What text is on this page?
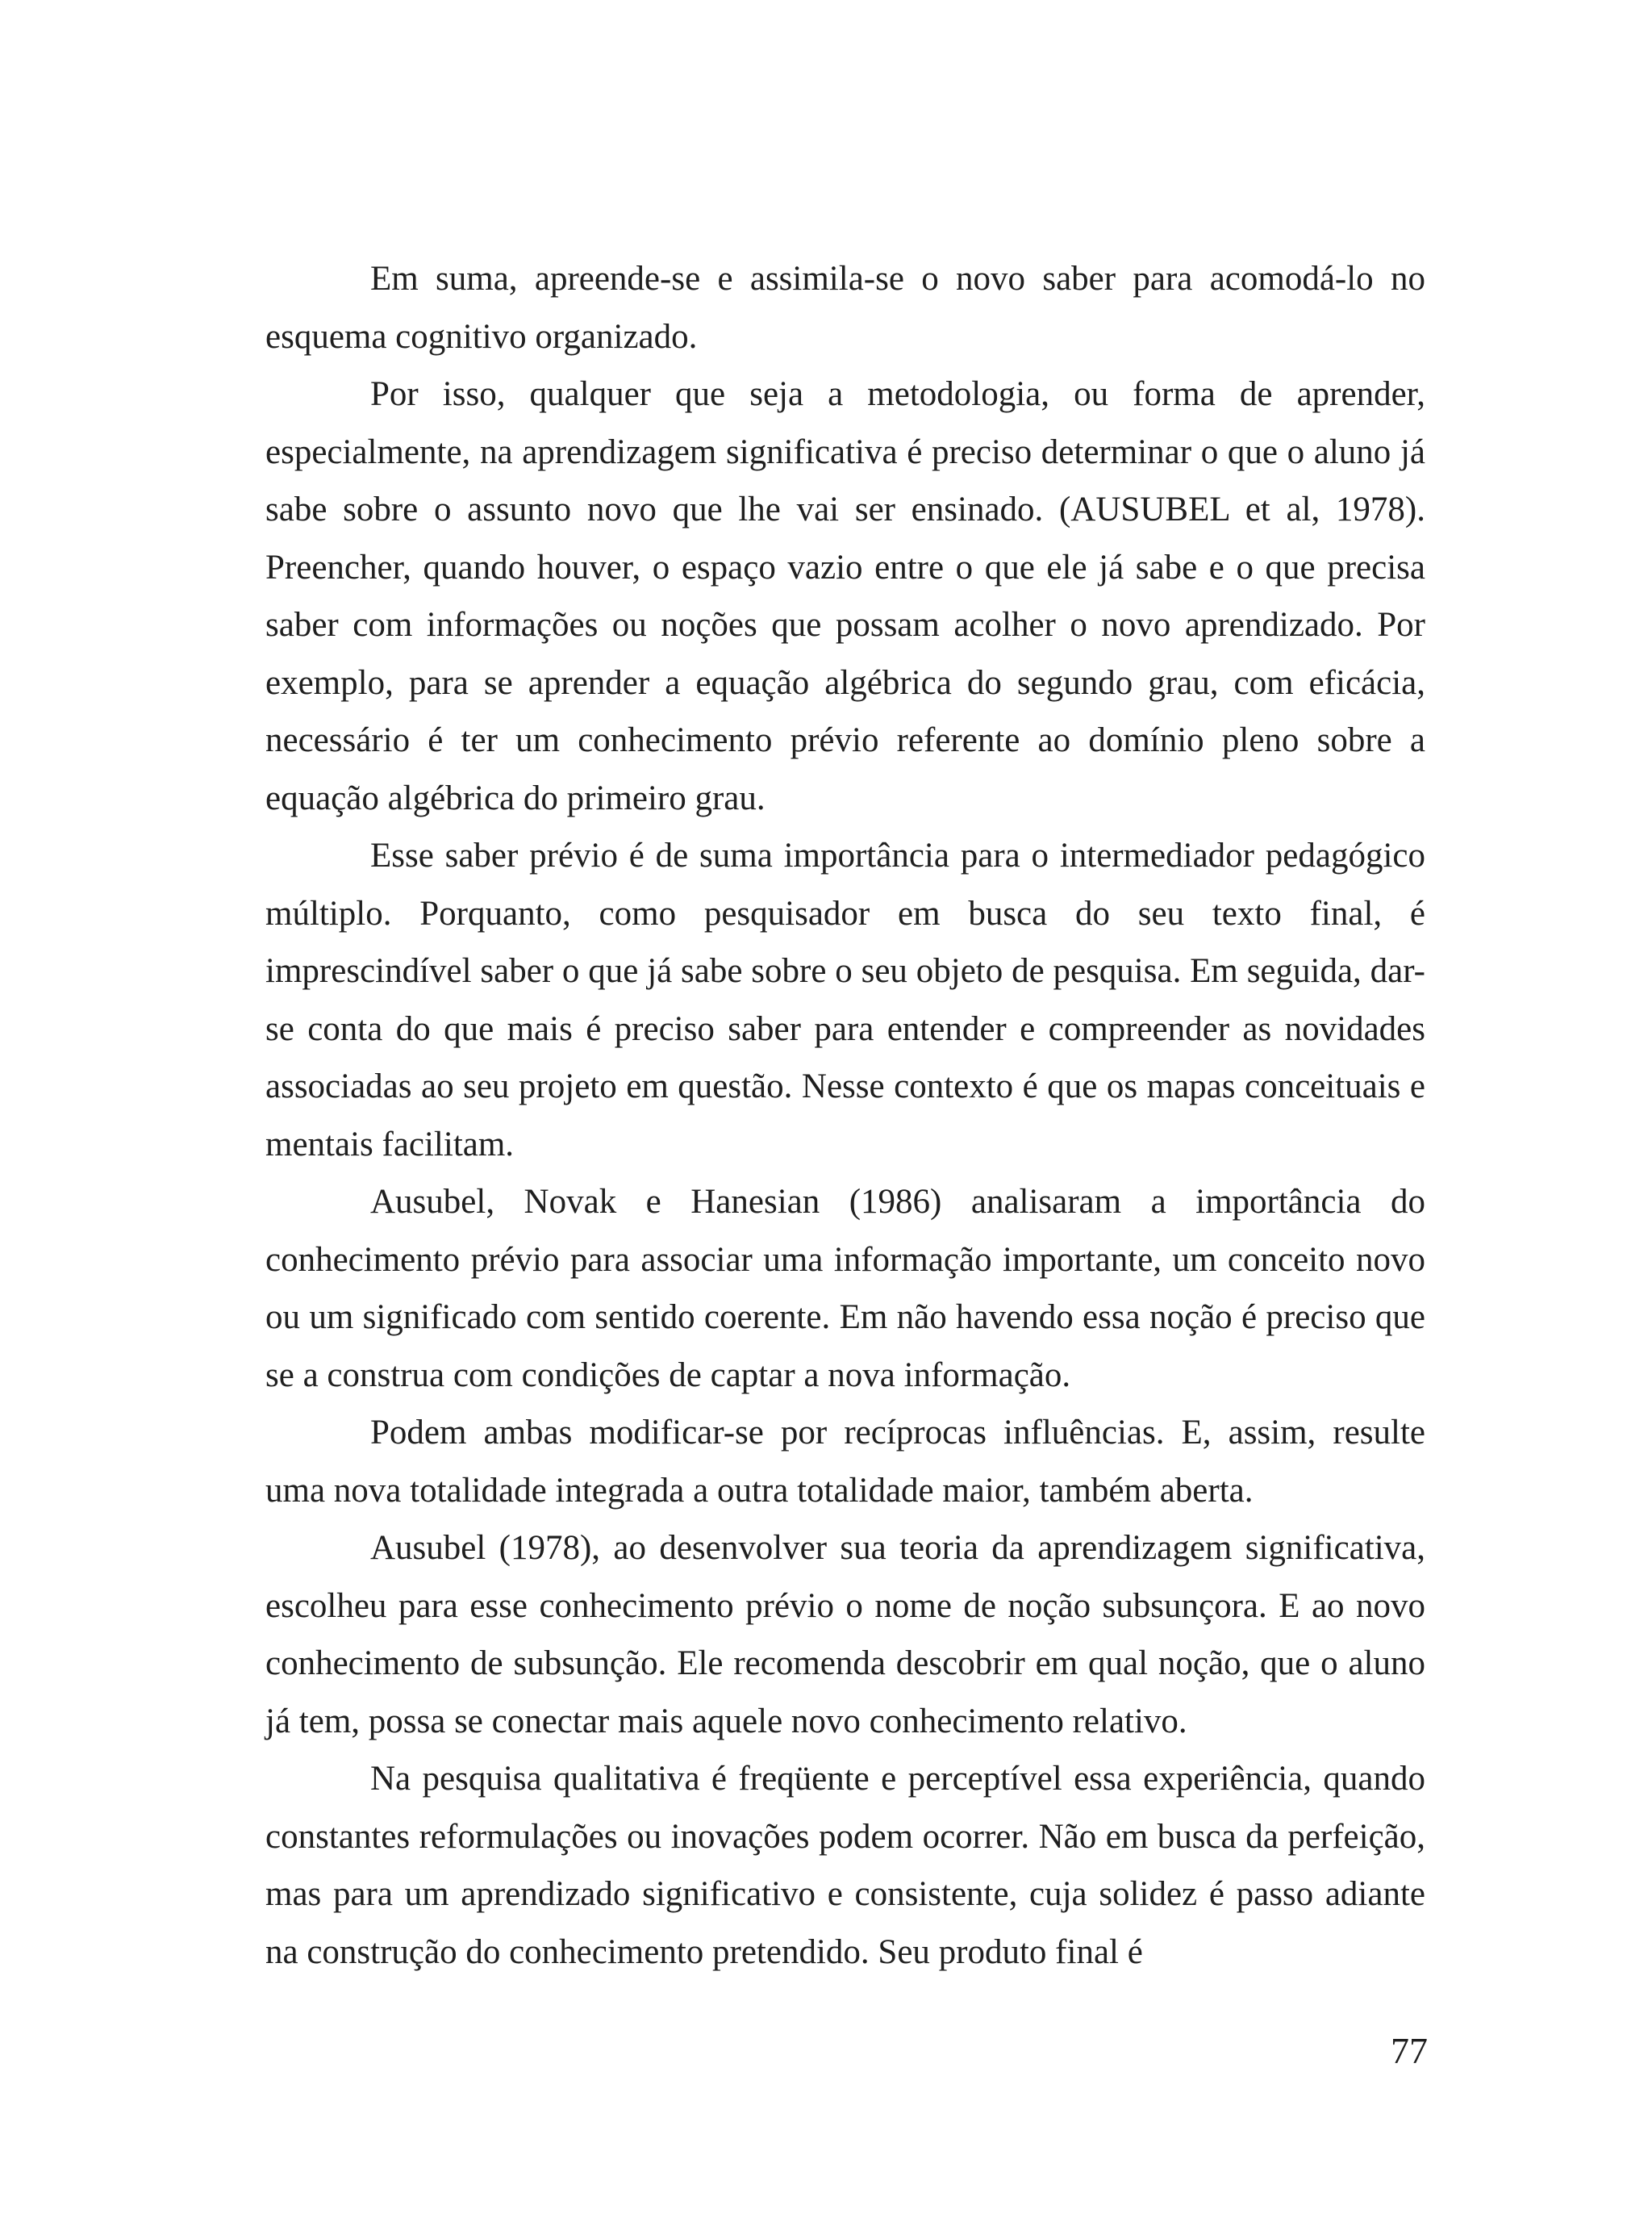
Em suma, apreende-se e assimila-se o novo saber para acomodá-lo no esquema cognitivo organizado.

Por isso, qualquer que seja a metodologia, ou forma de aprender, especialmente, na aprendizagem significativa é preciso determinar o que o aluno já sabe sobre o assunto novo que lhe vai ser ensinado. (AUSUBEL et al, 1978). Preencher, quando houver, o espaço vazio entre o que ele já sabe e o que precisa saber com informações ou noções que possam acolher o novo aprendizado. Por exemplo, para se aprender a equação algébrica do segundo grau, com eficácia, necessário é ter um conhecimento prévio referente ao domínio pleno sobre a equação algébrica do primeiro grau.

Esse saber prévio é de suma importância para o intermediador pedagógico múltiplo. Porquanto, como pesquisador em busca do seu texto final, é imprescindível saber o que já sabe sobre o seu objeto de pesquisa. Em seguida, dar-se conta do que mais é preciso saber para entender e compreender as novidades associadas ao seu projeto em questão. Nesse contexto é que os mapas conceituais e mentais facilitam.

Ausubel, Novak e Hanesian (1986) analisaram a importância do conhecimento prévio para associar uma informação importante, um conceito novo ou um significado com sentido coerente. Em não havendo essa noção é preciso que se a construa com condições de captar a nova informação.

Podem ambas modificar-se por recíprocas influências. E, assim, resulte uma nova totalidade integrada a outra totalidade maior, também aberta.

Ausubel (1978), ao desenvolver sua teoria da aprendizagem significativa, escolheu para esse conhecimento prévio o nome de noção subsunçora. E ao novo conhecimento de subsunção. Ele recomenda descobrir em qual noção, que o aluno já tem, possa se conectar mais aquele novo conhecimento relativo.

Na pesquisa qualitativa é freqüente e perceptível essa experiência, quando constantes reformulações ou inovações podem ocorrer. Não em busca da perfeição, mas para um aprendizado significativo e consistente, cuja solidez é passo adiante na construção do conhecimento pretendido. Seu produto final é

77
